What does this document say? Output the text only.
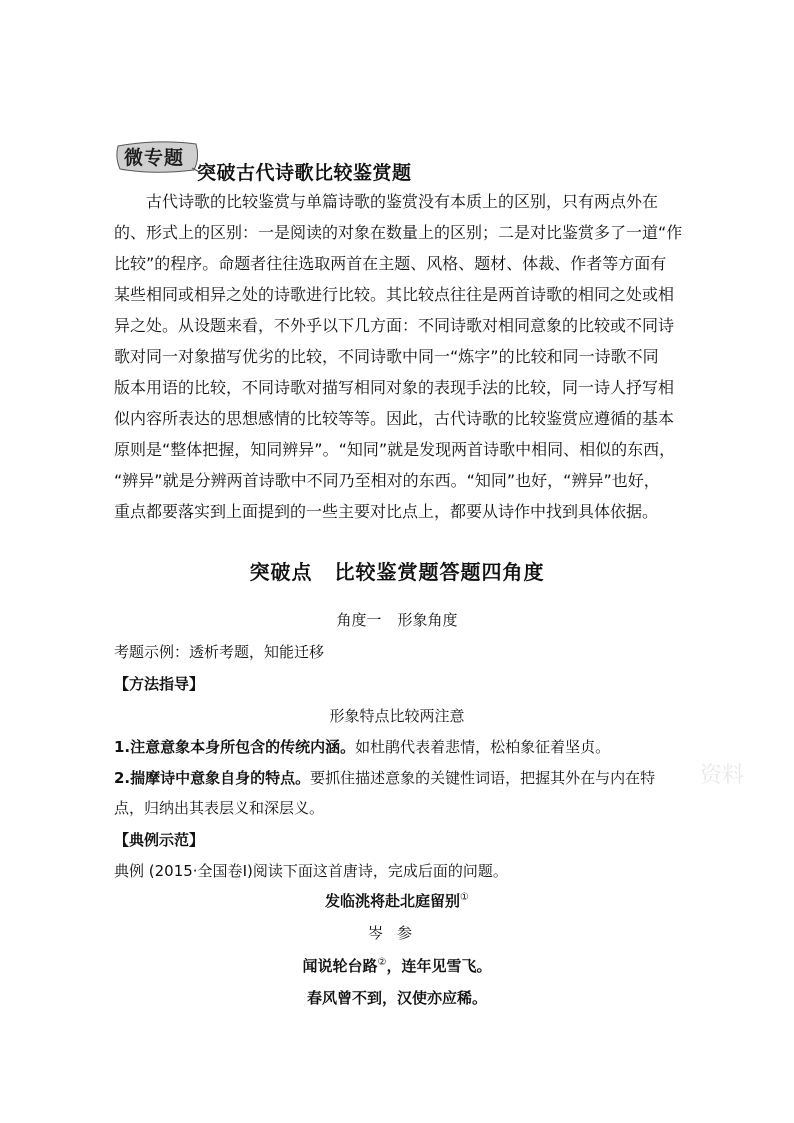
微专题
突破古代诗歌比较鉴赏题
古代诗歌的比较鉴赏与单篇诗歌的鉴赏没有本质上的区别，只有两点外在
的、形式上的区别：一是阅读的对象在数量上的区别；二是对比鉴赏多了一道“作
比较”的程序。命题者往往选取两首在主题、风格、题材、体裁、作者等方面有
某些相同或相异之处的诗歌进行比较。其比较点往往是两首诗歌的相同之处或相
异之处。从设题来看，不外乎以下几方面：不同诗歌对相同意象的比较或不同诗
歌对同一对象描写优劣的比较，不同诗歌中同一“炼字”的比较和同一诗歌不同
版本用语的比较，不同诗歌对描写相同对象的表现手法的比较，同一诗人抒写相
似内容所表达的思想感情的比较等等。因此，古代诗歌的比较鉴赏应遵循的基本
原则是“整体把握，知同辨异”。“知同”就是发现两首诗歌中相同、相似的东西，
“辨异”就是分辨两首诗歌中不同乃至相对的东西。“知同”也好，“辨异”也好，
重点都要落实到上面提到的一些主要对比点上，都要从诗作中找到具体依据。
突破点 比较鉴赏题答题四角度
角度一 形象角度
考题示例：透析考题，知能迁移
【方法指导】
形象特点比较两注意
1.注意意象本身所包含的传统内涵。如杜鹃代表着悲情，松柏象征着坚贞。
2.揣摩诗中意象自身的特点。要抓住描述意象的关键性词语，把握其外在与内在特
点，归纳出其表层义和深层义。
【典例示范】
典例 (2015·全国卷Ⅰ)阅读下面这首唐诗，完成后面的问题。
发临洮将赴北庭留别①
岑参
闻说轮台路②，连年见雪飞。
春风曾不到，汉使亦应稀。
资料
